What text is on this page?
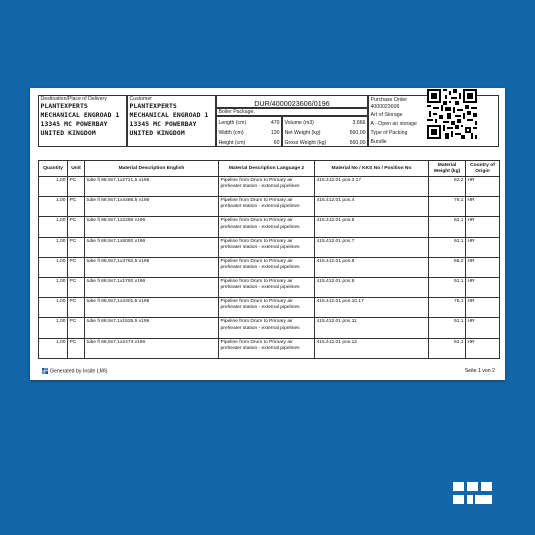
Destination/Place of Delivery
PLANTEXPERTS
MECHANICAL ENGROAD 1
13345 MC POWERBAY
UNITED KINGDOM
Customer
PLANTEXPERTS
MECHANICAL ENGROAD 1
13345 MC POWERBAY
UNITED KINGDOM
DUR/4000023606/0196
Boiler Package.
Length (cm)	470
Width (cm)	130
Height (cm)	60
Volume (m3)	3.666
Net Weight (kg)	560,00
Gross Weight (kg)	560,00
Purchase Order
4000023606
Art of Storage
A - Open air storage
Type of Packing
Bundle
Quantity	Unit	Material Description English	Material Description Language 2	Material No / KKS No / Position No	Material Weight (kg)	Country of Origin
1,00	PC	tube fi 88,9x7,1x2721,5 v196	Pipeline from Drum to Primary air
preheater station - external pipelines	415.412.01 pos.3.17	62,2	HR
1,00	PC	tube fi 88,9x7,1x4486,5 v196	Pipeline from Drum to Primary air
preheater station - external pipelines	415.412.01 pos.4	76,1	HR
1,00	PC	tube fi 88,9x7,1x2256 v196	Pipeline from Drum to Primary air
preheater station - external pipelines	415.412.01 pos.5	62,1	HR
1,00	PC	tube fi 88,9x7,1x5092 v196	Pipeline from Drum to Primary air
preheater station - external pipelines	415.412.01 pos.7	62,1	HR
1,00	PC	tube fi 88,9x7,1x3762,5 v196	Pipeline from Drum to Primary air
preheater station - external pipelines	415.412.01 pos.8	66,2	HR
1,00	PC	tube fi 88,9x7,1x1792 v196	Pipeline from Drum to Primary air
preheater station - external pipelines	415.412.01 pos.9	52,1	HR
1,00	PC	tube fi 88,9x7,1x4301,5 v196	Pipeline from Drum to Primary air
preheater station - external pipelines	415.412.01 pos.10.17	76,1	HR
1,00	PC	tube fi 88,9x7,1x1625,5 v196	Pipeline from Drum to Primary air
preheater station - external pipelines	415.412.01 pos.11	52,1	HR
1,00	PC	tube fi 88,9x7,1x2474 v196	Pipeline from Drum to Primary air
preheater station - external pipelines	415.412.01 pos.12	62,1	HR
Generated by Insite LMS	Seite 1 von 2
